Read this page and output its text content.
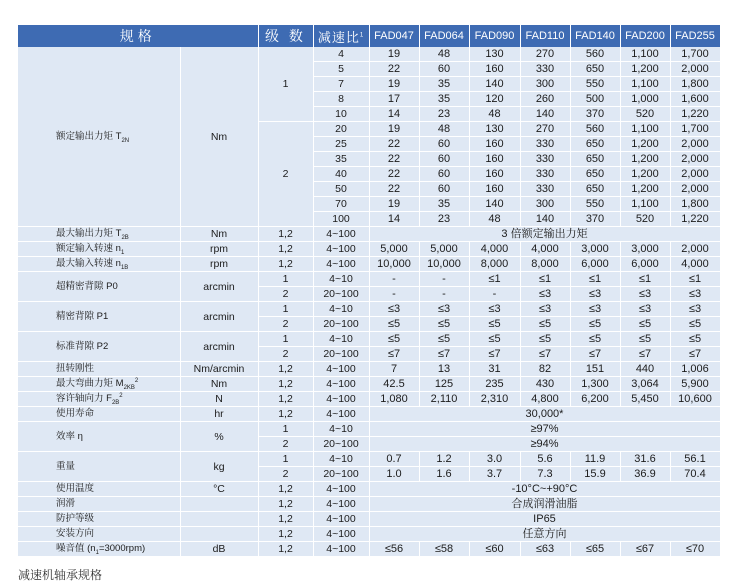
规格		级 数	减速比$^1$	FAD047	FAD064	FAD090	FAD110	FAD140	FAD200	FAD255
额定输出力矩 $T_{2N}$	Nm	1	4	19	48	130	270	560	1,100	1,700
			5	22	60	160	330	650	1,200	2,000
			7	19	35	140	300	550	1,100	1,800
			8	17	35	120	260	500	1,000	1,600
			10	14	23	48	140	370	520	1,220
		2	20	19	48	130	270	560	1,100	1,700
			25	22	60	160	330	650	1,200	2,000
			35	22	60	160	330	650	1,200	2,000
			40	22	60	160	330	650	1,200	2,000
			50	22	60	160	330	650	1,200	2,000
			70	19	35	140	300	550	1,100	1,800
			100	14	23	48	140	370	520	1,220
最大输出力矩 $T_{2B}$	Nm	1,2	4~100	3 倍额定输出力矩						
额定输入转速 $n_1$	rpm	1,2	4~100	5,000	5,000	4,000	4,000	3,000	3,000	2,000
最大输入转速 $n_{1B}$	rpm	1,2	4~100	10,000	10,000	8,000	8,000	6,000	6,000	4,000
超精密背隙 P0	arcmin	1	4~10	-	-	≤1	≤1	≤1	≤1	≤1
		2	20~100	-	-	-	≤3	≤3	≤3	≤3
精密背隙 P1	arcmin	1	4~10	≤3	≤3	≤3	≤3	≤3	≤3	≤3
		2	20~100	≤5	≤5	≤5	≤5	≤5	≤5	≤5
标准背隙 P2	arcmin	1	4~10	≤5	≤5	≤5	≤5	≤5	≤5	≤5
		2	20~100	≤7	≤7	≤7	≤7	≤7	≤7	≤7
扭转刚性	Nm/arcmin	1,2	4~100	7	13	31	82	151	440	1,006
最大弯曲力矩 $M_{2KB}^2$	Nm	1,2	4~100	42.5	125	235	430	1,300	3,064	5,900
容许轴向力 $F_{2B}^2$	N	1,2	4~100	1,080	2,110	2,310	4,800	6,200	5,450	10,600
使用寿命	hr	1,2	4~100	30,000*						
效率 η	%	1	4~10	≥97%						
		2	20~100	≥94%						
重量	kg	1	4~10	0.7	1.2	3.0	5.6	11.9	31.6	56.1
		2	20~100	1.0	1.6	3.7	7.3	15.9	36.9	70.4
使用温度	°C	1,2	4~100	-10°C~+90°C						
润滑		1,2	4~100	合成润滑油脂						
防护等级		1,2	4~100	IP65						
安装方向		1,2	4~100	任意方向						
噪音值 $(n_1=3000rpm)$	dB	1,2	4~100	≤56	≤58	≤60	≤63	≤65	≤67	≤70
减速机轴承规格
